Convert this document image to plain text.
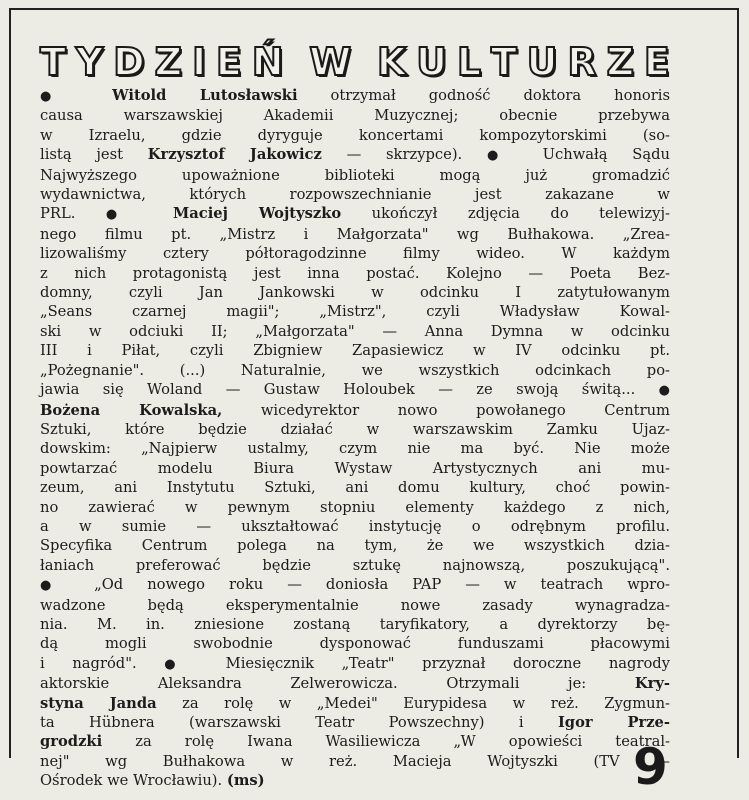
T Y D Z I E Ń W K U L T U R Z E
● Witold Lutosławski otrzymał godność doktora honoris
causa warszawskiej Akademii Muzycznej; obecnie przebywa
w Izraelu, gdzie dyryguje koncertami kompozytorskimi (so-
listą jest Krzysztof Jakowicz — skrzypce). ● Uchwałą Sądu
Najwyższego upoważnione biblioteki mogą już gromadzić
wydawnictwa, których rozpowszechnianie jest zakazane w
PRL. ● Maciej Wojtyszko ukończył zdjęcia do telewizyj-
nego filmu pt. „Mistrz i Małgorzata" wg Bułhakowa. „Zrea-
lizowaliśmy cztery półtoragodzinne filmy wideo. W każdym
z nich protagonistą jest inna postać. Kolejno — Poeta Bez-
domny, czyli Jan Jankowski w odcinku I zatytułowanym
„Seans czarnej magii"; „Mistrz", czyli Władysław Kowal-
ski w odciuki II; „Małgorzata" — Anna Dymna w odcinku
III i Piłat, czyli Zbigniew Zapasiewicz w IV odcinku pt.
„Pożegnanie". (...) Naturalnie, we wszystkich odcinkach po-
jawia się Woland — Gustaw Holoubek — ze swoją świtą... ●
Bożena Kowalska, wicedyrektor nowo powołanego Centrum
Sztuki, które będzie działać w warszawskim Zamku Ujaz-
dowskim: „Najpierw ustalmy, czym nie ma być. Nie może
powtarzać modelu Biura Wystaw Artystycznych ani mu-
zeum, ani Instytutu Sztuki, ani domu kultury, choć powin-
no zawierać w pewnym stopniu elementy każdego z nich,
a w sumie — ukształtować instytucję o odrębnym profilu.
Specyfika Centrum polega na tym, że we wszystkich dzia-
łaniach preferować będzie sztukę najnowszą, poszukującą".
● „Od nowego roku — doniosła PAP — w teatrach wpro-
wadzone będą eksperymentalnie nowe zasady wynagradza-
nia. M. in. zniesione zostaną taryfikatory, a dyrektorzy bę-
dą mogli swobodnie dysponować funduszami płacowymi
i nagród". ● Miesięcznik „Teatr" przyznał doroczne nagrody
aktorskie Aleksandra Zelwerowicza. Otrzymali je: Kry-
styna Janda za rolę w „Medei" Eurypidesa w reż. Zygmun-
ta Hübnera (warszawski Teatr Powszechny) i Igor Prze-
grodzki za rolę Iwana Wasiliewicza „W opowieści teatral-
nej" wg Bułhakowa w reż. Macieja Wojtyszki (TV —
Ośrodek we Wrocławiu). (ms)	9
